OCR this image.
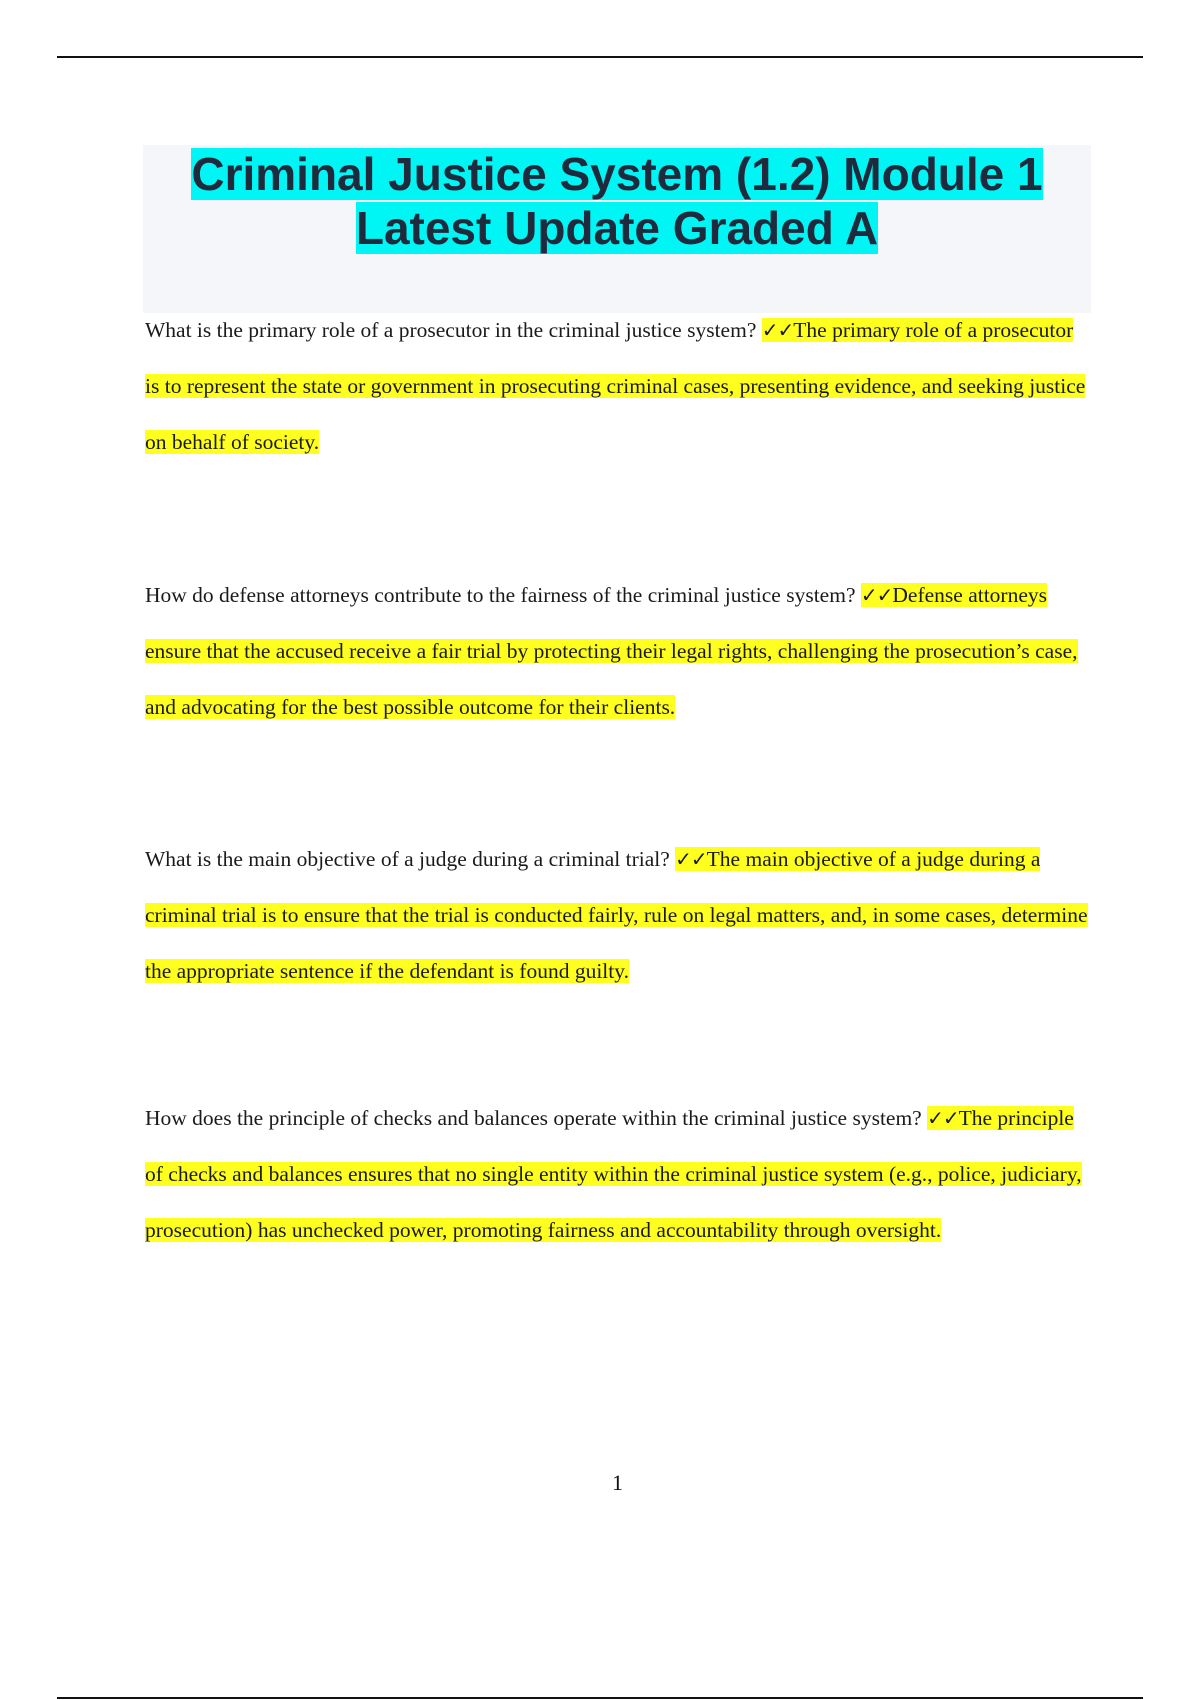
Criminal Justice System (1.2) Module 1 Latest Update Graded A

What is the primary role of a prosecutor in the criminal justice system? ✓✓The primary role of a prosecutor is to represent the state or government in prosecuting criminal cases, presenting evidence, and seeking justice on behalf of society.

How do defense attorneys contribute to the fairness of the criminal justice system? ✓✓Defense attorneys ensure that the accused receive a fair trial by protecting their legal rights, challenging the prosecution’s case, and advocating for the best possible outcome for their clients.

What is the main objective of a judge during a criminal trial? ✓✓The main objective of a judge during a criminal trial is to ensure that the trial is conducted fairly, rule on legal matters, and, in some cases, determine the appropriate sentence if the defendant is found guilty.

How does the principle of checks and balances operate within the criminal justice system? ✓✓The principle of checks and balances ensures that no single entity within the criminal justice system (e.g., police, judiciary, prosecution) has unchecked power, promoting fairness and accountability through oversight.

1
